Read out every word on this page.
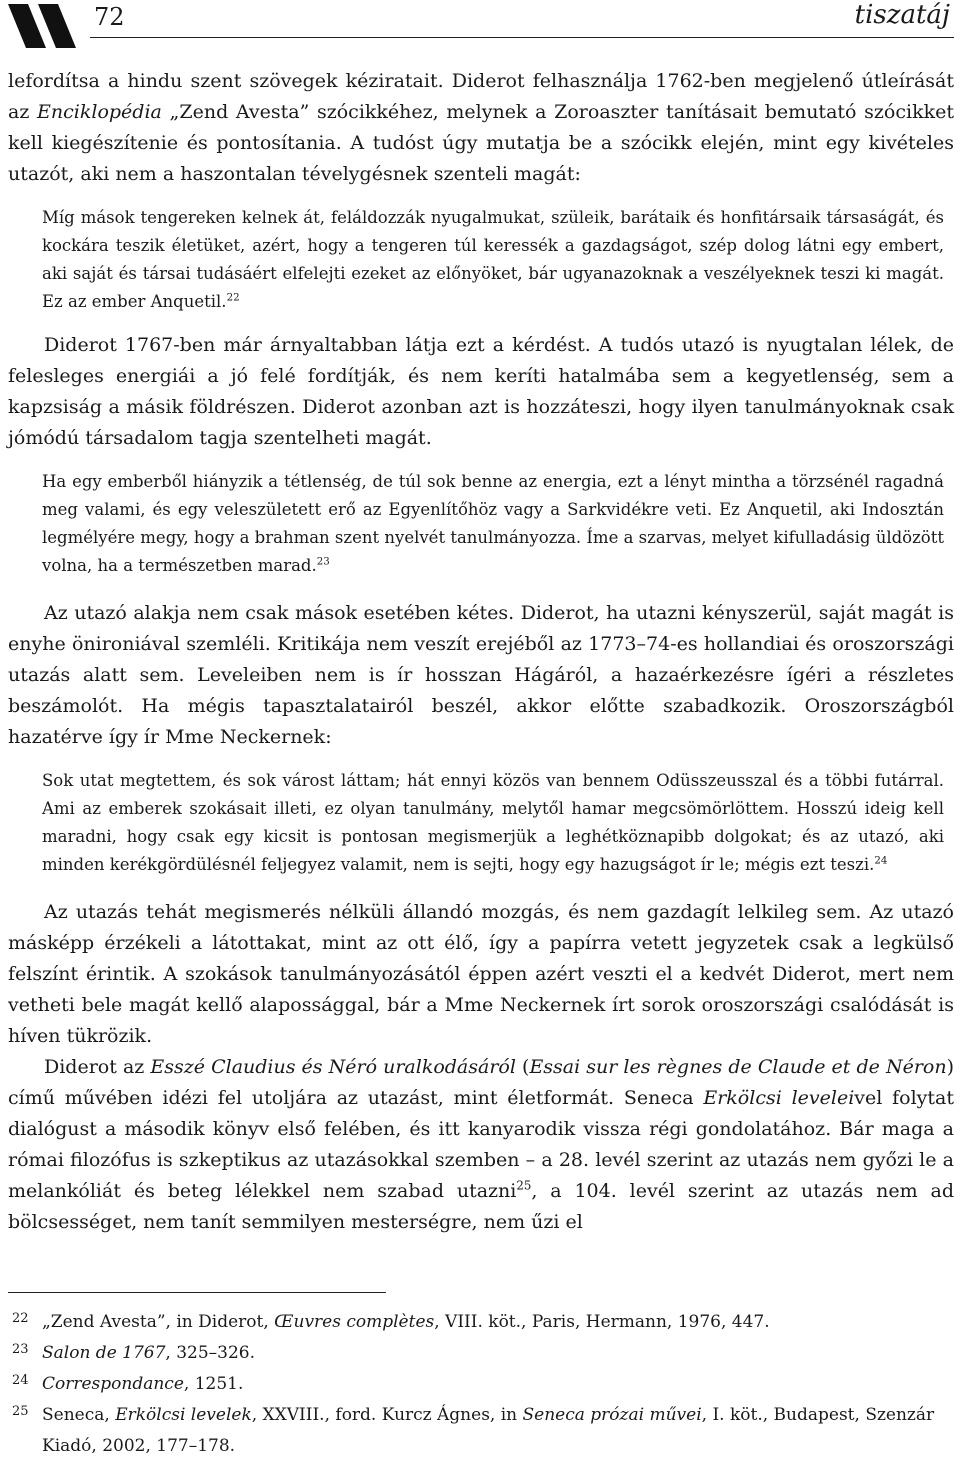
72	tiszatáj

lefordítsa a hindu szent szövegek kéziratait. Diderot felhasználja 1762-ben megjelenő útleírását az Enciklopédia „Zend Avesta” szócikkéhez, melynek a Zoroaszter tanításait bemutató szócikket kell kiegészítenie és pontosítania. A tudóst úgy mutatja be a szócikk elején, mint egy kivételes utazót, aki nem a haszontalan tévelygésnek szenteli magát:

Míg mások tengereken kelnek át, feláldozzák nyugalmukat, szüleik, barátaik és honfitársaik társaságát, és kockára teszik életüket, azért, hogy a tengeren túl keressék a gazdagságot, szép dolog látni egy embert, aki saját és társai tudásáért elfelejti ezeket az előnyöket, bár ugyanazoknak a veszélyeknek teszi ki magát. Ez az ember Anquetil.$^{22}$

Diderot 1767-ben már árnyaltabban látja ezt a kérdést. A tudós utazó is nyugtalan lélek, de felesleges energiái a jó felé fordítják, és nem keríti hatalmába sem a kegyetlenség, sem a kapzsiság a másik földrészen. Diderot azonban azt is hozzáteszi, hogy ilyen tanulmányoknak csak jómódú társadalom tagja szentelheti magát.

Ha egy emberből hiányzik a tétlenség, de túl sok benne az energia, ezt a lényt mintha a törzsénél ragadná meg valami, és egy veleszületett erő az Egyenlítőhöz vagy a Sarkvidékre veti. Ez Anquetil, aki Indosztán legmélyére megy, hogy a brahman szent nyelvét tanulmányozza. Íme a szarvas, melyet kifulladásig üldözött volna, ha a természetben marad.$^{23}$

Az utazó alakja nem csak mások esetében kétes. Diderot, ha utazni kényszerül, saját magát is enyhe önironiával szemléli. Kritikája nem veszít erejéből az 1773–74-es hollandiai és oroszországi utazás alatt sem. Leveleiben nem is ír hosszan Hágáról, a hazaérkezésre ígéri a részletes beszámolót. Ha mégis tapasztalatairól beszél, akkor előtte szabadkozik. Oroszországból hazatérve így ír Mme Neckernek:

Sok utat megtettem, és sok várost láttam; hát ennyi közös van bennem Odüsszeusszal és a többi futárral. Ami az emberek szokásait illeti, ez olyan tanulmány, melytől hamar megcsömörlöttem. Hosszú ideig kell maradni, hogy csak egy kicsit is pontosan megismerjük a leghétköznapibb dolgokat; és az utazó, aki minden kerékgördülésnél feljegyez valamit, nem is sejti, hogy egy hazugságot ír le; mégis ezt teszi.$^{24}$

Az utazás tehát megismerés nélküli állandó mozgás, és nem gazdagít lelkileg sem. Az utazó másképp érzékeli a látottakat, mint az ott élő, így a papírra vetett jegyzetek csak a legkülső felszínt érintik. A szokások tanulmányozásától éppen azért veszti el a kedvét Diderot, mert nem vetheti bele magát kellő alapossággal, bár a Mme Neckernek írt sorok oroszországi csalódását is híven tükrözik.

Diderot az Esszé Claudius és Néró uralkodásáról (Essai sur les règnes de Claude et de Néron) című művében idézi fel utoljára az utazást, mint életformát. Seneca Erkölcsi leveleivel folytat dialógust a második könyv első felében, és itt kanyarodik vissza régi gondolatához. Bár maga a római filozófus is szkeptikus az utazásokkal szemben – a 28. levél szerint az utazás nem győzi le a melankóliát és beteg lélekkel nem szabad utazni$^{25}$, a 104. levél szerint az utazás nem ad bölcsességet, nem tanít semmilyen mesterségre, nem űzi el

22 „Zend Avesta”, in Diderot, Œuvres complètes, VIII. köt., Paris, Hermann, 1976, 447.
23 Salon de 1767, 325–326.
24 Correspondance, 1251.
25 Seneca, Erkölcsi levelek, XXVIII., ford. Kurcz Ágnes, in Seneca prózai művei, I. köt., Budapest, Szenzár Kiadó, 2002, 177–178.
